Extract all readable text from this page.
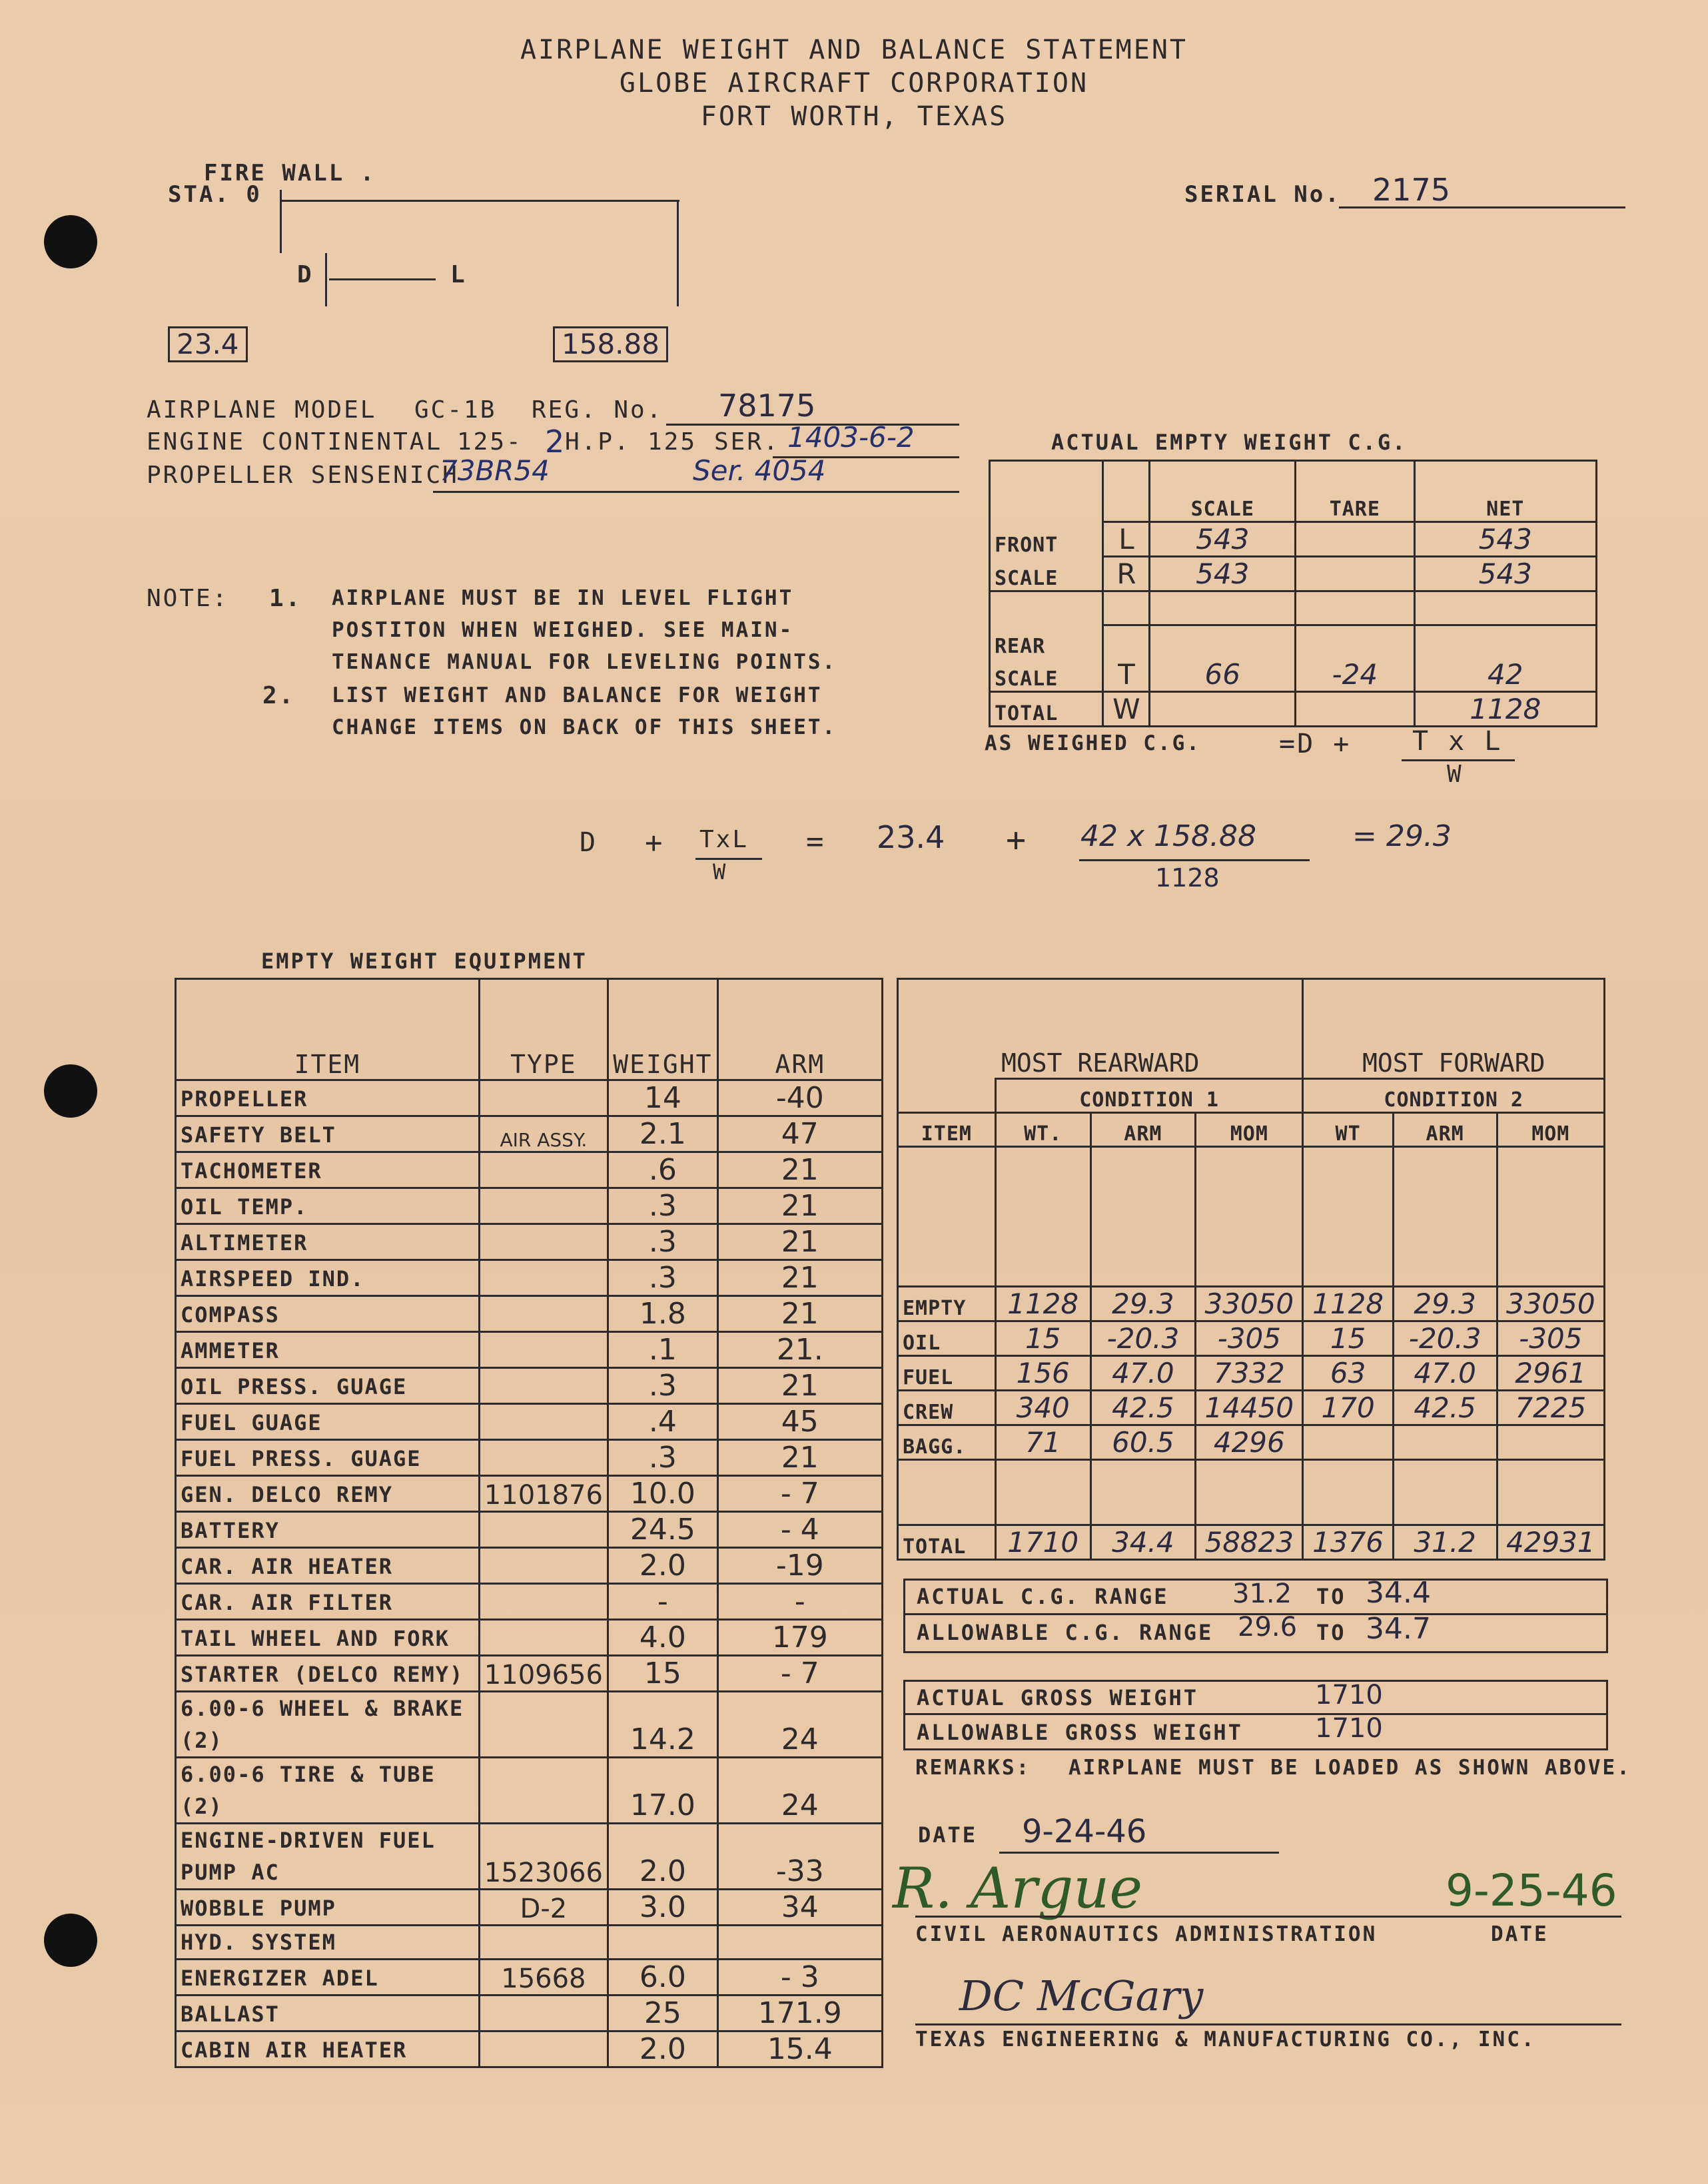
AIRPLANE WEIGHT AND BALANCE STATEMENT
GLOBE AIRCRAFT CORPORATION
FORT WORTH, TEXAS
SERIAL No. 2175
FIRE WALL .
STA. 0
D	L
23.4	158.88
AIRPLANE MODEL GC-1B REG. No. 78175
ENGINE CONTINENTAL 125- 2 H.P. 125 SER. 1403-6-2
PROPELLER SENSENICH
73BR54	Ser. 4054
NOTE: 1. AIRPLANE MUST BE IN LEVEL FLIGHT
POSTITON WHEN WEIGHED. SEE MAIN-
TENANCE MANUAL FOR LEVELING POINTS.
2. LIST WEIGHT AND BALANCE FOR WEIGHT
CHANGE ITEMS ON BACK OF THIS SHEET.
ACTUAL EMPTY WEIGHT C.G.
		SCALE	TARE	NET
FRONT	L	543		543
SCALE	R	543		543

REAR				
SCALE	T	66	-24	42
TOTAL	W			1128
AS WEIGHED C.G.	=D + T x L
W
D + TxL
W
= 23.4 + 42 x 158.88
1128
= 29.3
EMPTY WEIGHT EQUIPMENT
ITEM	TYPE	WEIGHT	ARM
PROPELLER		14	-40
SAFETY BELT	AIR ASSY.	2.1	47
TACHOMETER		.6	21
OIL TEMP.		.3	21
ALTIMETER		.3	21
AIRSPEED IND.		.3	21
COMPASS		1.8	21
AMMETER		.1	21.
OIL PRESS. GUAGE		.3	21
FUEL GUAGE		.4	45
FUEL PRESS. GUAGE		.3	21
GEN. DELCO REMY	1101876	10.0	- 7
BATTERY		24.5	- 4
CAR. AIR HEATER		2.0	-19
CAR. AIR FILTER		-	-
TAIL WHEEL AND FORK		4.0	179
STARTER (DELCO REMY)	1109656	15	- 7
6.00-6 WHEEL & BRAKE (2)		14.2	24
6.00-6 TIRE & TUBE (2)		17.0	24
ENGINE-DRIVEN FUEL PUMP AC	1523066	2.0	-33
WOBBLE PUMP	D-2	3.0	34
HYD. SYSTEM			
ENERGIZER ADEL	15668	6.0	- 3
BALLAST		25	171.9
CABIN AIR HEATER		2.0	15.4
MOST REARWARD				MOST FORWARD		
	CONDITION 1			CONDITION 2		
ITEM	WT.	ARM	MOM	WT	ARM	MOM

EMPTY	1128	29.3	33050	1128	29.3	33050
OIL	15	-20.3	-305	15	-20.3	-305
FUEL	156	47.0	7332	63	47.0	2961
CREW	340	42.5	14450	170	42.5	7225
BAGG.	71	60.5	4296			

TOTAL	1710	34.4	58823	1376	31.2	42931
ACTUAL C.G. RANGE 31.2 TO 34.4
ALLOWABLE C.G. RANGE 29.6 TO 34.7
ACTUAL GROSS WEIGHT	1710
ALLOWABLE GROSS WEIGHT	1710
REMARKS: AIRPLANE MUST BE LOADED AS SHOWN ABOVE.
DATE 9-24-46
R. Argue	9-25-46
CIVIL AERONAUTICS ADMINISTRATION	DATE
DC McGary
TEXAS ENGINEERING & MANUFACTURING CO., INC.
